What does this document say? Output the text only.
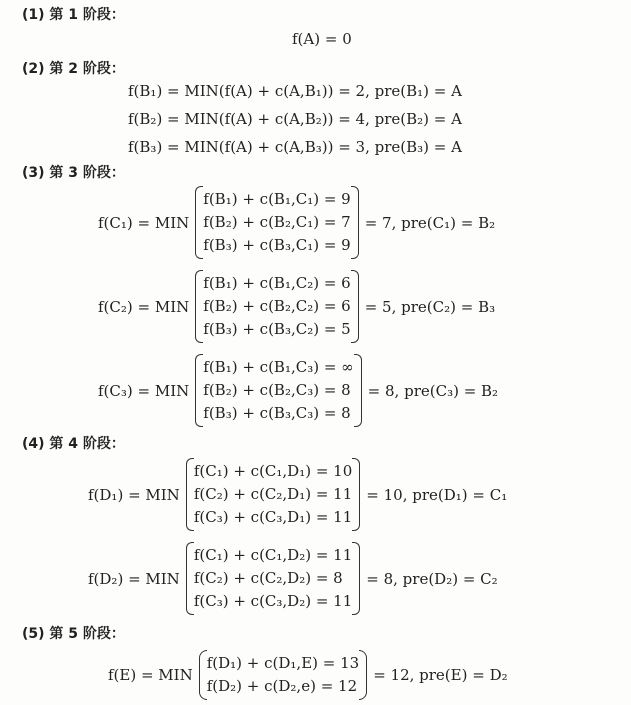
(1) 第 1 阶段：
f(A) = 0
(2) 第 2 阶段：
f(B₁) = MIN(f(A) + c(A,B₁)) = 2, pre(B₁) = A
f(B₂) = MIN(f(A) + c(A,B₂)) = 4, pre(B₂) = A
f(B₃) = MIN(f(A) + c(A,B₃)) = 3, pre(B₃) = A
(3) 第 3 阶段：
f(C₁) = MIN
f(B₁) + c(B₁,C₁) = 9
f(B₂) + c(B₂,C₁) = 7
f(B₃) + c(B₃,C₁) = 9
= 7, pre(C₁) = B₂
f(C₂) = MIN
f(B₁) + c(B₁,C₂) = 6
f(B₂) + c(B₂,C₂) = 6
f(B₃) + c(B₃,C₂) = 5
= 5, pre(C₂) = B₃
f(C₃) = MIN
f(B₁) + c(B₁,C₃) = ∞
f(B₂) + c(B₂,C₃) = 8
f(B₃) + c(B₃,C₃) = 8
= 8, pre(C₃) = B₂
(4) 第 4 阶段：
f(D₁) = MIN
f(C₁) + c(C₁,D₁) = 10
f(C₂) + c(C₂,D₁) = 11
f(C₃) + c(C₃,D₁) = 11
= 10, pre(D₁) = C₁
f(D₂) = MIN
f(C₁) + c(C₁,D₂) = 11
f(C₂) + c(C₂,D₂) = 8
f(C₃) + c(C₃,D₂) = 11
= 8, pre(D₂) = C₂
(5) 第 5 阶段：
f(E) = MIN
f(D₁) + c(D₁,E) = 13
f(D₂) + c(D₂,e) = 12
= 12, pre(E) = D₂
